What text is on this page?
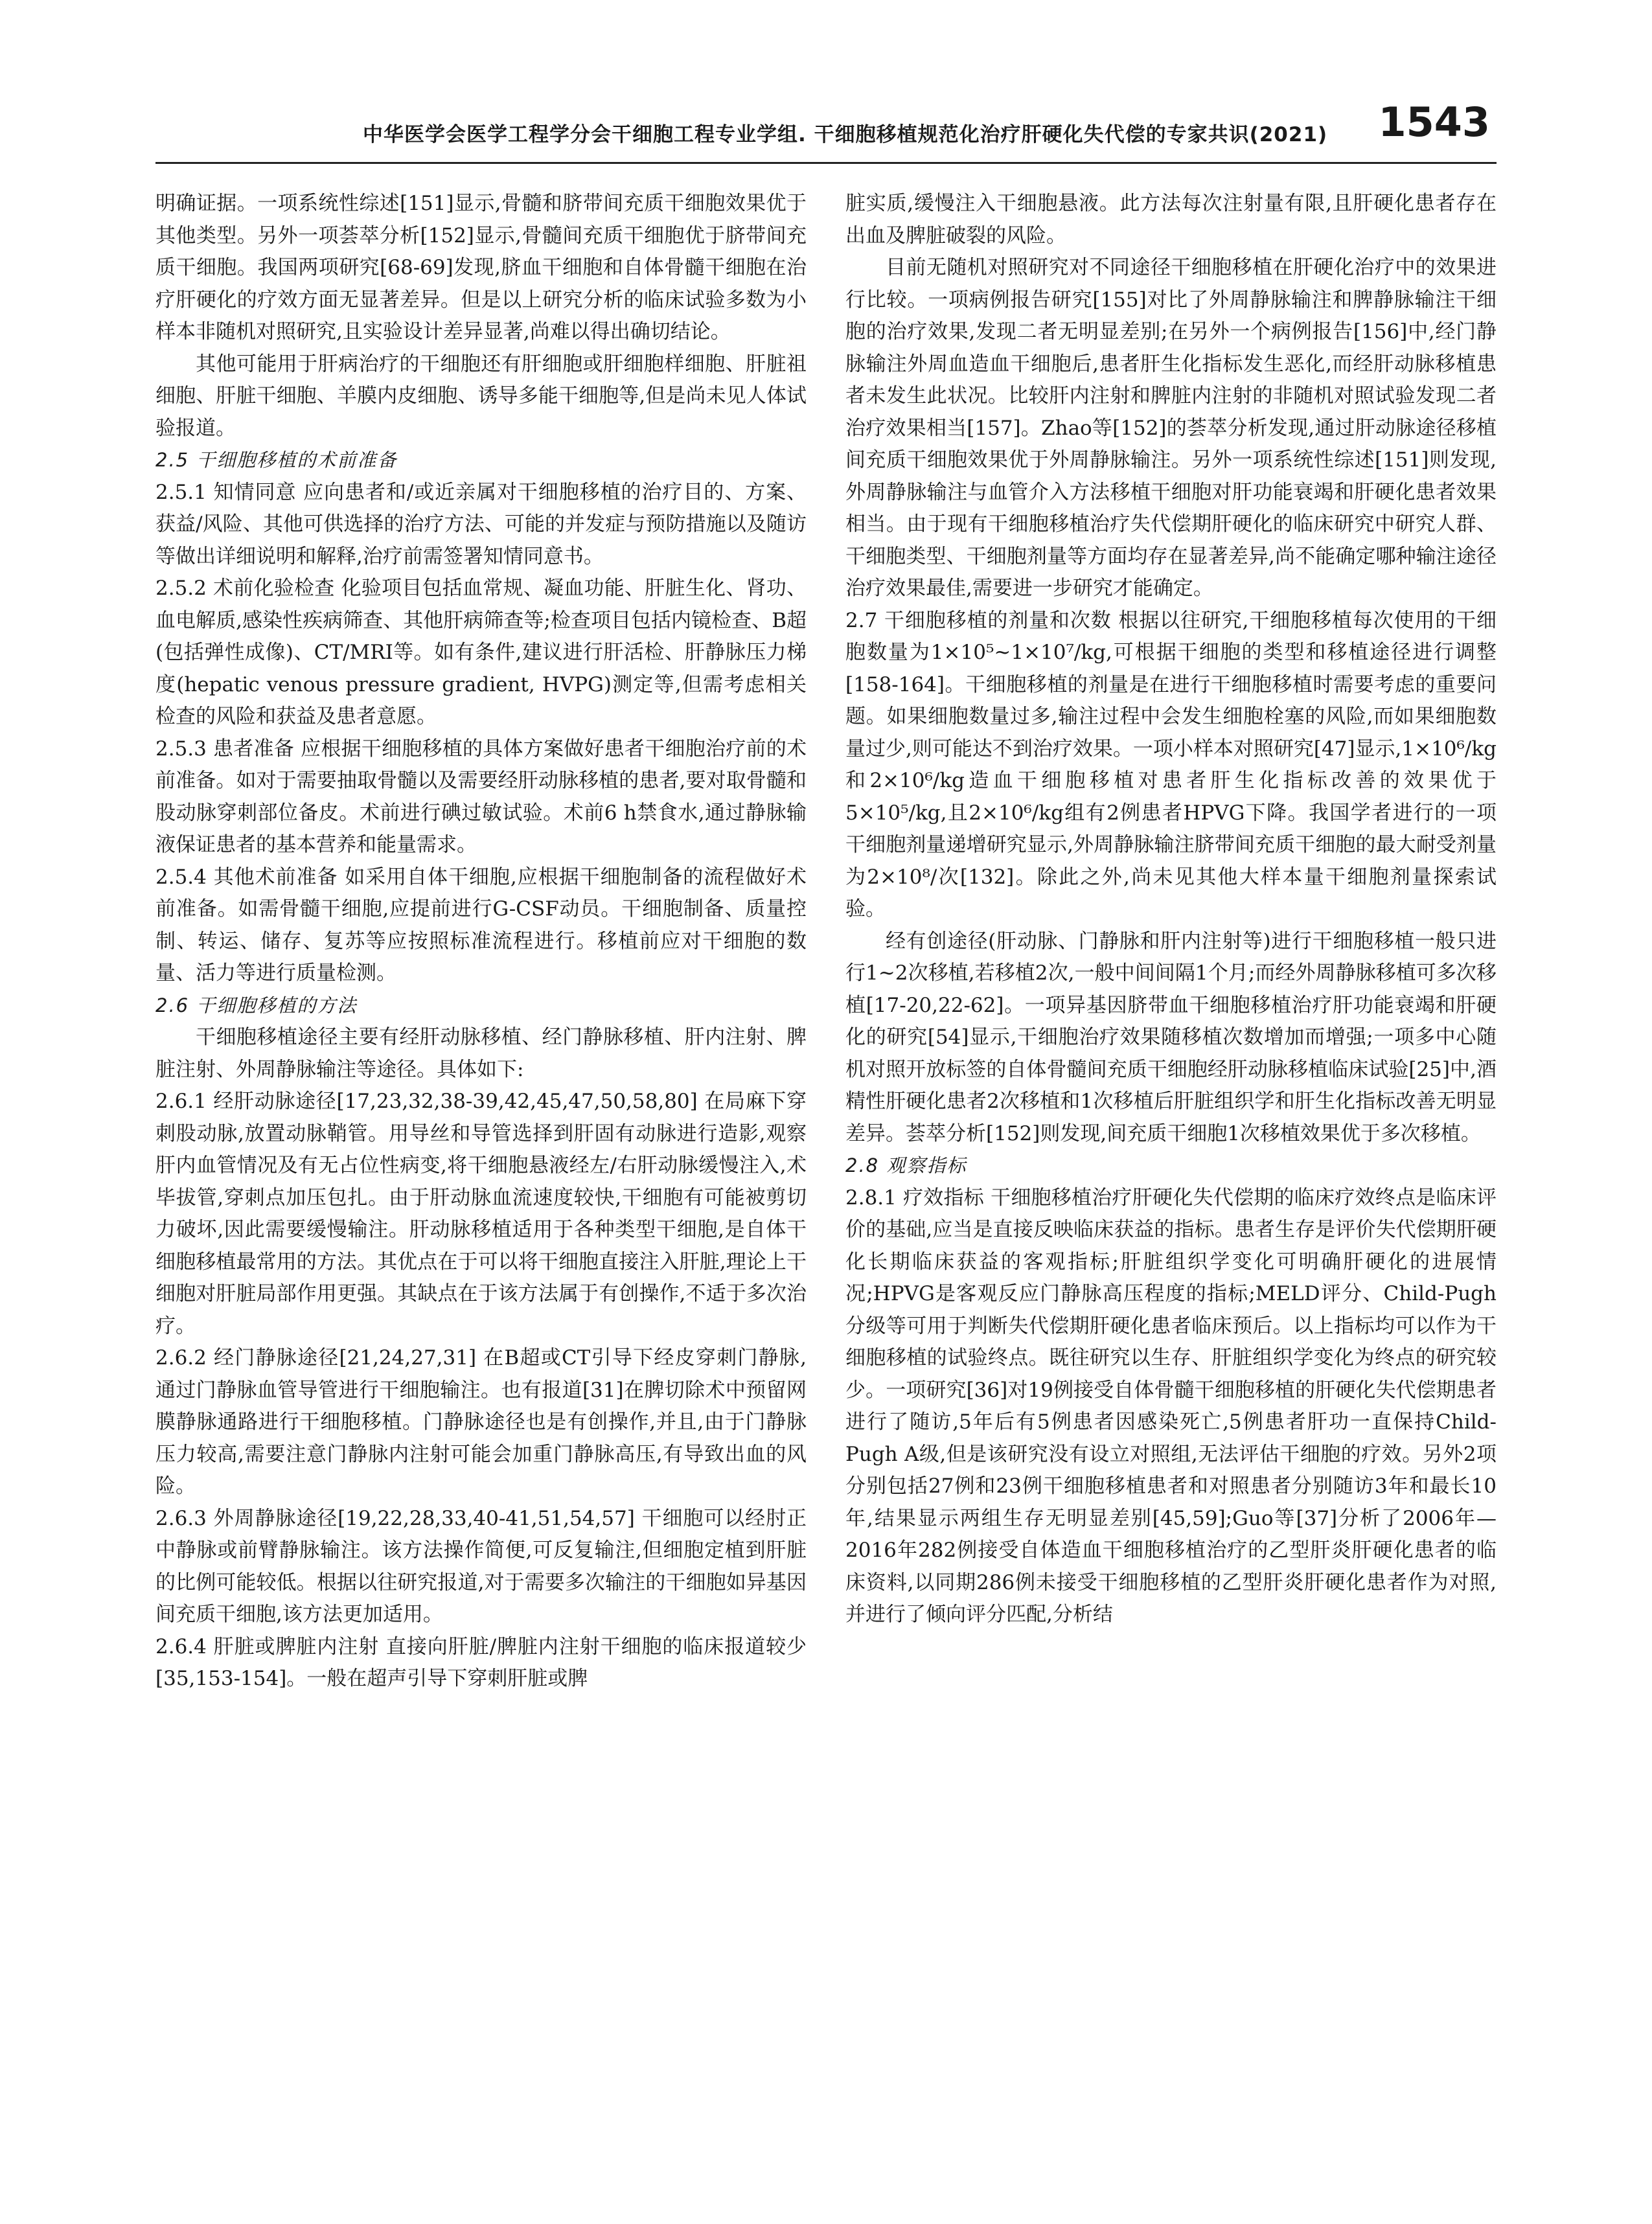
中华医学会医学工程学分会干细胞工程专业学组. 干细胞移植规范化治疗肝硬化失代偿的专家共识(2021) 1543

明确证据。一项系统性综述[151]显示,骨髓和脐带间充质干细胞效果优于其他类型。另外一项荟萃分析[152]显示,骨髓间充质干细胞优于脐带间充质干细胞。我国两项研究[68-69]发现,脐血干细胞和自体骨髓干细胞在治疗肝硬化的疗效方面无显著差异。但是以上研究分析的临床试验多数为小样本非随机对照研究,且实验设计差异显著,尚难以得出确切结论。

其他可能用于肝病治疗的干细胞还有肝细胞或肝细胞样细胞、肝脏祖细胞、肝脏干细胞、羊膜内皮细胞、诱导多能干细胞等,但是尚未见人体试验报道。

2.5 干细胞移植的术前准备

2.5.1 知情同意 应向患者和/或近亲属对干细胞移植的治疗目的、方案、获益/风险、其他可供选择的治疗方法、可能的并发症与预防措施以及随访等做出详细说明和解释,治疗前需签署知情同意书。

2.5.2 术前化验检查 化验项目包括血常规、凝血功能、肝脏生化、肾功、血电解质,感染性疾病筛查、其他肝病筛查等;检查项目包括内镜检查、B超(包括弹性成像)、CT/MRI等。如有条件,建议进行肝活检、肝静脉压力梯度(hepatic venous pressure gradient, HVPG)测定等,但需考虑相关检查的风险和获益及患者意愿。

2.5.3 患者准备 应根据干细胞移植的具体方案做好患者干细胞治疗前的术前准备。如对于需要抽取骨髓以及需要经肝动脉移植的患者,要对取骨髓和股动脉穿刺部位备皮。术前进行碘过敏试验。术前6 h禁食水,通过静脉输液保证患者的基本营养和能量需求。

2.5.4 其他术前准备 如采用自体干细胞,应根据干细胞制备的流程做好术前准备。如需骨髓干细胞,应提前进行G-CSF动员。干细胞制备、质量控制、转运、储存、复苏等应按照标准流程进行。移植前应对干细胞的数量、活力等进行质量检测。

2.6 干细胞移植的方法

干细胞移植途径主要有经肝动脉移植、经门静脉移植、肝内注射、脾脏注射、外周静脉输注等途径。具体如下:

2.6.1 经肝动脉途径[17,23,32,38-39,42,45,47,50,58,80] 在局麻下穿刺股动脉,放置动脉鞘管。用导丝和导管选择到肝固有动脉进行造影,观察肝内血管情况及有无占位性病变,将干细胞悬液经左/右肝动脉缓慢注入,术毕拔管,穿刺点加压包扎。由于肝动脉血流速度较快,干细胞有可能被剪切力破坏,因此需要缓慢输注。肝动脉移植适用于各种类型干细胞,是自体干细胞移植最常用的方法。其优点在于可以将干细胞直接注入肝脏,理论上干细胞对肝脏局部作用更强。其缺点在于该方法属于有创操作,不适于多次治疗。

2.6.2 经门静脉途径[21,24,27,31] 在B超或CT引导下经皮穿刺门静脉,通过门静脉血管导管进行干细胞输注。也有报道[31]在脾切除术中预留网膜静脉通路进行干细胞移植。门静脉途径也是有创操作,并且,由于门静脉压力较高,需要注意门静脉内注射可能会加重门静脉高压,有导致出血的风险。

2.6.3 外周静脉途径[19,22,28,33,40-41,51,54,57] 干细胞可以经肘正中静脉或前臂静脉输注。该方法操作简便,可反复输注,但细胞定植到肝脏的比例可能较低。根据以往研究报道,对于需要多次输注的干细胞如异基因间充质干细胞,该方法更加适用。

2.6.4 肝脏或脾脏内注射 直接向肝脏/脾脏内注射干细胞的临床报道较少[35,153-154]。一般在超声引导下穿刺肝脏或脾

脏实质,缓慢注入干细胞悬液。此方法每次注射量有限,且肝硬化患者存在出血及脾脏破裂的风险。

目前无随机对照研究对不同途径干细胞移植在肝硬化治疗中的效果进行比较。一项病例报告研究[155]对比了外周静脉输注和脾静脉输注干细胞的治疗效果,发现二者无明显差别;在另外一个病例报告[156]中,经门静脉输注外周血造血干细胞后,患者肝生化指标发生恶化,而经肝动脉移植患者未发生此状况。比较肝内注射和脾脏内注射的非随机对照试验发现二者治疗效果相当[157]。Zhao等[152]的荟萃分析发现,通过肝动脉途径移植间充质干细胞效果优于外周静脉输注。另外一项系统性综述[151]则发现,外周静脉输注与血管介入方法移植干细胞对肝功能衰竭和肝硬化患者效果相当。由于现有干细胞移植治疗失代偿期肝硬化的临床研究中研究人群、干细胞类型、干细胞剂量等方面均存在显著差异,尚不能确定哪种输注途径治疗效果最佳,需要进一步研究才能确定。

2.7 干细胞移植的剂量和次数 根据以往研究,干细胞移植每次使用的干细胞数量为1×10⁵~1×10⁷/kg,可根据干细胞的类型和移植途径进行调整[158-164]。干细胞移植的剂量是在进行干细胞移植时需要考虑的重要问题。如果细胞数量过多,输注过程中会发生细胞栓塞的风险,而如果细胞数量过少,则可能达不到治疗效果。一项小样本对照研究[47]显示,1×10⁶/kg和2×10⁶/kg造血干细胞移植对患者肝生化指标改善的效果优于5×10⁵/kg,且2×10⁶/kg组有2例患者HPVG下降。我国学者进行的一项干细胞剂量递增研究显示,外周静脉输注脐带间充质干细胞的最大耐受剂量为2×10⁸/次[132]。除此之外,尚未见其他大样本量干细胞剂量探索试验。

经有创途径(肝动脉、门静脉和肝内注射等)进行干细胞移植一般只进行1~2次移植,若移植2次,一般中间间隔1个月;而经外周静脉移植可多次移植[17-20,22-62]。一项异基因脐带血干细胞移植治疗肝功能衰竭和肝硬化的研究[54]显示,干细胞治疗效果随移植次数增加而增强;一项多中心随机对照开放标签的自体骨髓间充质干细胞经肝动脉移植临床试验[25]中,酒精性肝硬化患者2次移植和1次移植后肝脏组织学和肝生化指标改善无明显差异。荟萃分析[152]则发现,间充质干细胞1次移植效果优于多次移植。

2.8 观察指标

2.8.1 疗效指标 干细胞移植治疗肝硬化失代偿期的临床疗效终点是临床评价的基础,应当是直接反映临床获益的指标。患者生存是评价失代偿期肝硬化长期临床获益的客观指标;肝脏组织学变化可明确肝硬化的进展情况;HPVG是客观反应门静脉高压程度的指标;MELD评分、Child-Pugh分级等可用于判断失代偿期肝硬化患者临床预后。以上指标均可以作为干细胞移植的试验终点。既往研究以生存、肝脏组织学变化为终点的研究较少。一项研究[36]对19例接受自体骨髓干细胞移植的肝硬化失代偿期患者进行了随访,5年后有5例患者因感染死亡,5例患者肝功一直保持Child-Pugh A级,但是该研究没有设立对照组,无法评估干细胞的疗效。另外2项分别包括27例和23例干细胞移植患者和对照患者分别随访3年和最长10年,结果显示两组生存无明显差别[45,59];Guo等[37]分析了2006年—2016年282例接受自体造血干细胞移植治疗的乙型肝炎肝硬化患者的临床资料,以同期286例未接受干细胞移植的乙型肝炎肝硬化患者作为对照,并进行了倾向评分匹配,分析结
